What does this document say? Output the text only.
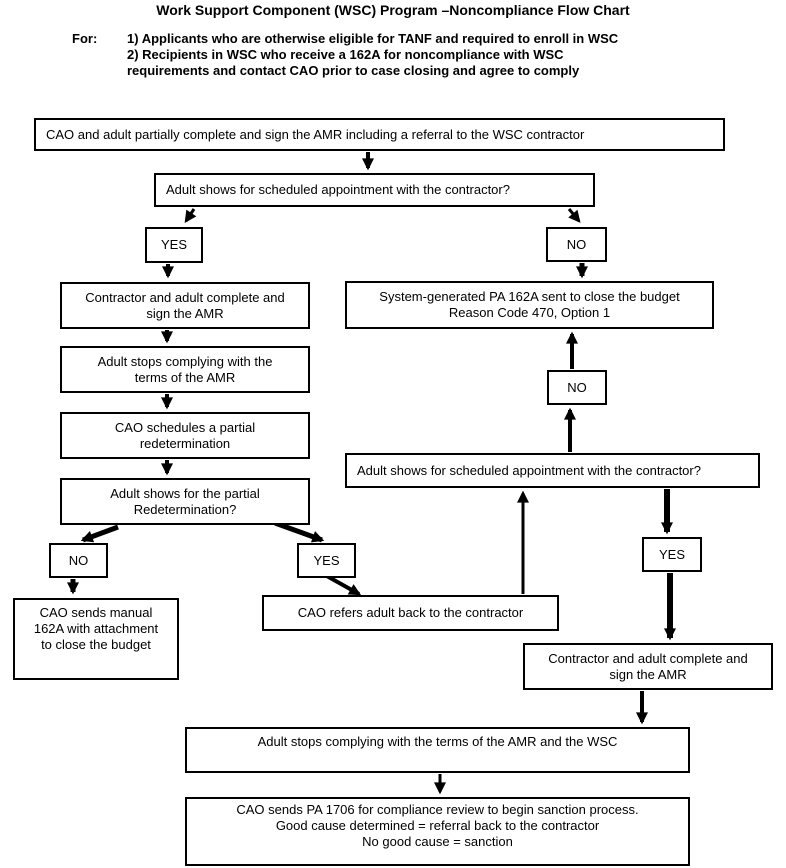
Work Support Component (WSC) Program –Noncompliance Flow Chart
For: 1) Applicants who are otherwise eligible for TANF and required to enroll in WSC
2) Recipients in WSC who receive a 162A for noncompliance with WSC
requirements and contact CAO prior to case closing and agree to comply
CAO and adult partially complete and sign the AMR including a referral to the WSC contractor
Adult shows for scheduled appointment with the contractor?
YES	NO
Contractor and adult complete and
sign the AMR
Adult stops complying with the
terms of the AMR
CAO schedules a partial
redetermination
Adult shows for the partial
Redetermination?
NO	YES
CAO sends manual
162A with attachment
to close the budget
CAO refers adult back to the contractor
System-generated PA 162A sent to close the budget
Reason Code 470, Option 1
NO
Adult shows for scheduled appointment with the contractor?
YES
Contractor and adult complete and
sign the AMR
Adult stops complying with the terms of the AMR and the WSC
CAO sends PA 1706 for compliance review to begin sanction process.
Good cause determined = referral back to the contractor
No good cause = sanction
